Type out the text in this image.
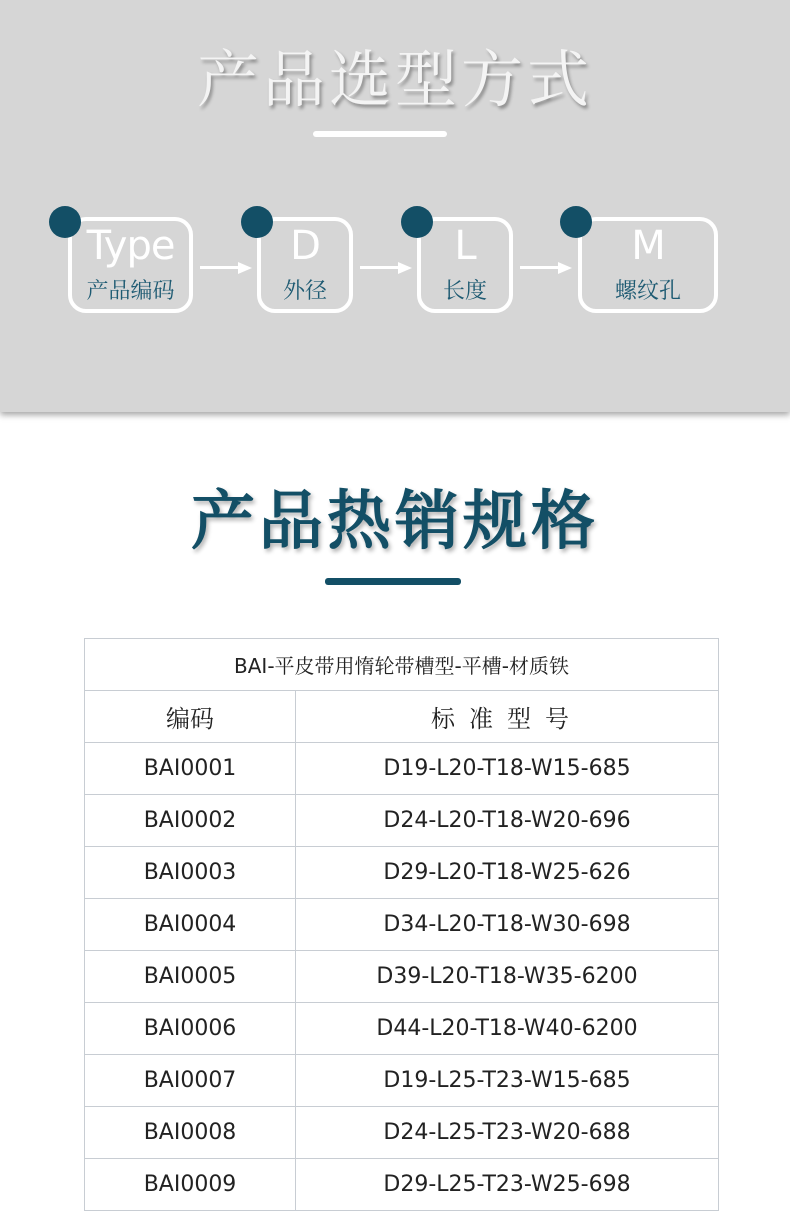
产品选型方式
Type
产品编码
D
外径
L
长度
M
螺纹孔
产品热销规格
BAI-平皮带用惰轮带槽型-平槽-材质铁	
编码	标准型号
BAI0001	D19-L20-T18-W15-685
BAI0002	D24-L20-T18-W20-696
BAI0003	D29-L20-T18-W25-626
BAI0004	D34-L20-T18-W30-698
BAI0005	D39-L20-T18-W35-6200
BAI0006	D44-L20-T18-W40-6200
BAI0007	D19-L25-T23-W15-685
BAI0008	D24-L25-T23-W20-688
BAI0009	D29-L25-T23-W25-698
